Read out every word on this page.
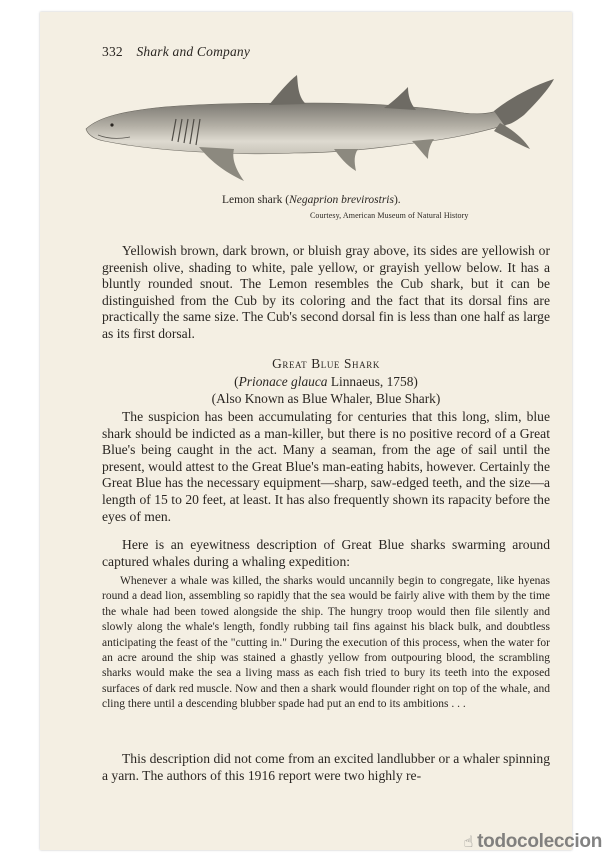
332 Shark and Company
Lemon shark (Negaprion brevirostris).
Courtesy, American Museum of Natural History

Yellowish brown, dark brown, or bluish gray above, its sides are yellowish or greenish olive, shading to white, pale yellow, or grayish yellow below. It has a bluntly rounded snout. The Lemon resembles the Cub shark, but it can be distinguished from the Cub by its coloring and the fact that its dorsal fins are practically the same size. The Cub's second dorsal fin is less than one half as large as its first dorsal.

Great Blue Shark
(Prionace glauca Linnaeus, 1758)
(Also Known as Blue Whaler, Blue Shark)

The suspicion has been accumulating for centuries that this long, slim, blue shark should be indicted as a man-killer, but there is no positive record of a Great Blue's being caught in the act. Many a seaman, from the age of sail until the present, would attest to the Great Blue's man-eating habits, however. Certainly the Great Blue has the necessary equipment—sharp, saw-edged teeth, and the size—a length of 15 to 20 feet, at least. It has also frequently shown its rapacity before the eyes of men.

Here is an eyewitness description of Great Blue sharks swarming around captured whales during a whaling expedition:

Whenever a whale was killed, the sharks would uncannily begin to congregate, like hyenas round a dead lion, assembling so rapidly that the sea would be fairly alive with them by the time the whale had been towed alongside the ship. The hungry troop would then file silently and slowly along the whale's length, fondly rubbing tail fins against his black bulk, and doubtless anticipating the feast of the "cutting in." During the execution of this process, when the water for an acre around the ship was stained a ghastly yellow from outpouring blood, the scrambling sharks would make the sea a living mass as each fish tried to bury its teeth into the exposed surfaces of dark red muscle. Now and then a shark would flounder right on top of the whale, and cling there until a descending blubber spade had put an end to its ambitions . . .

This description did not come from an excited landlubber or a whaler spinning a yarn. The authors of this 1916 report were two highly re-

☝ todocoleccion
